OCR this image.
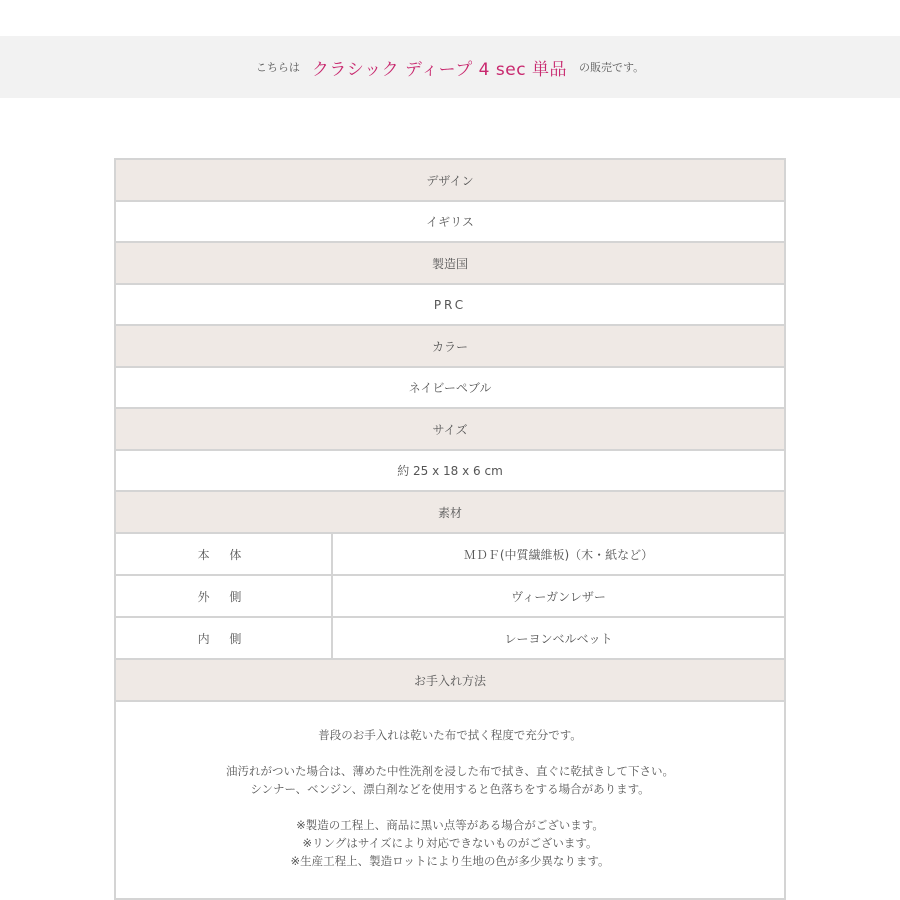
こちらは クラシック ディープ 4 sec 単品 の販売です。
デザイン
イギリス
製造国
PRC
カラー
ネイビーペブル
サイズ
約 25 x 18 x 6 cm
素材
本 体	ＭＤＦ(中質繊維板)（木・紙など）
外 側	ヴィーガンレザー
内 側	レーヨンベルベット
お手入れ方法

普段のお手入れは乾いた布で拭く程度で充分です。

油汚れがついた場合は、薄めた中性洗剤を浸した布で拭き、直ぐに乾拭きして下さい。

シンナー、ベンジン、漂白剤などを使用すると色落ちをする場合があります。

※製造の工程上、商品に黒い点等がある場合がございます。

※リングはサイズにより対応できないものがございます。

※生産工程上、製造ロットにより生地の色が多少異なります。
